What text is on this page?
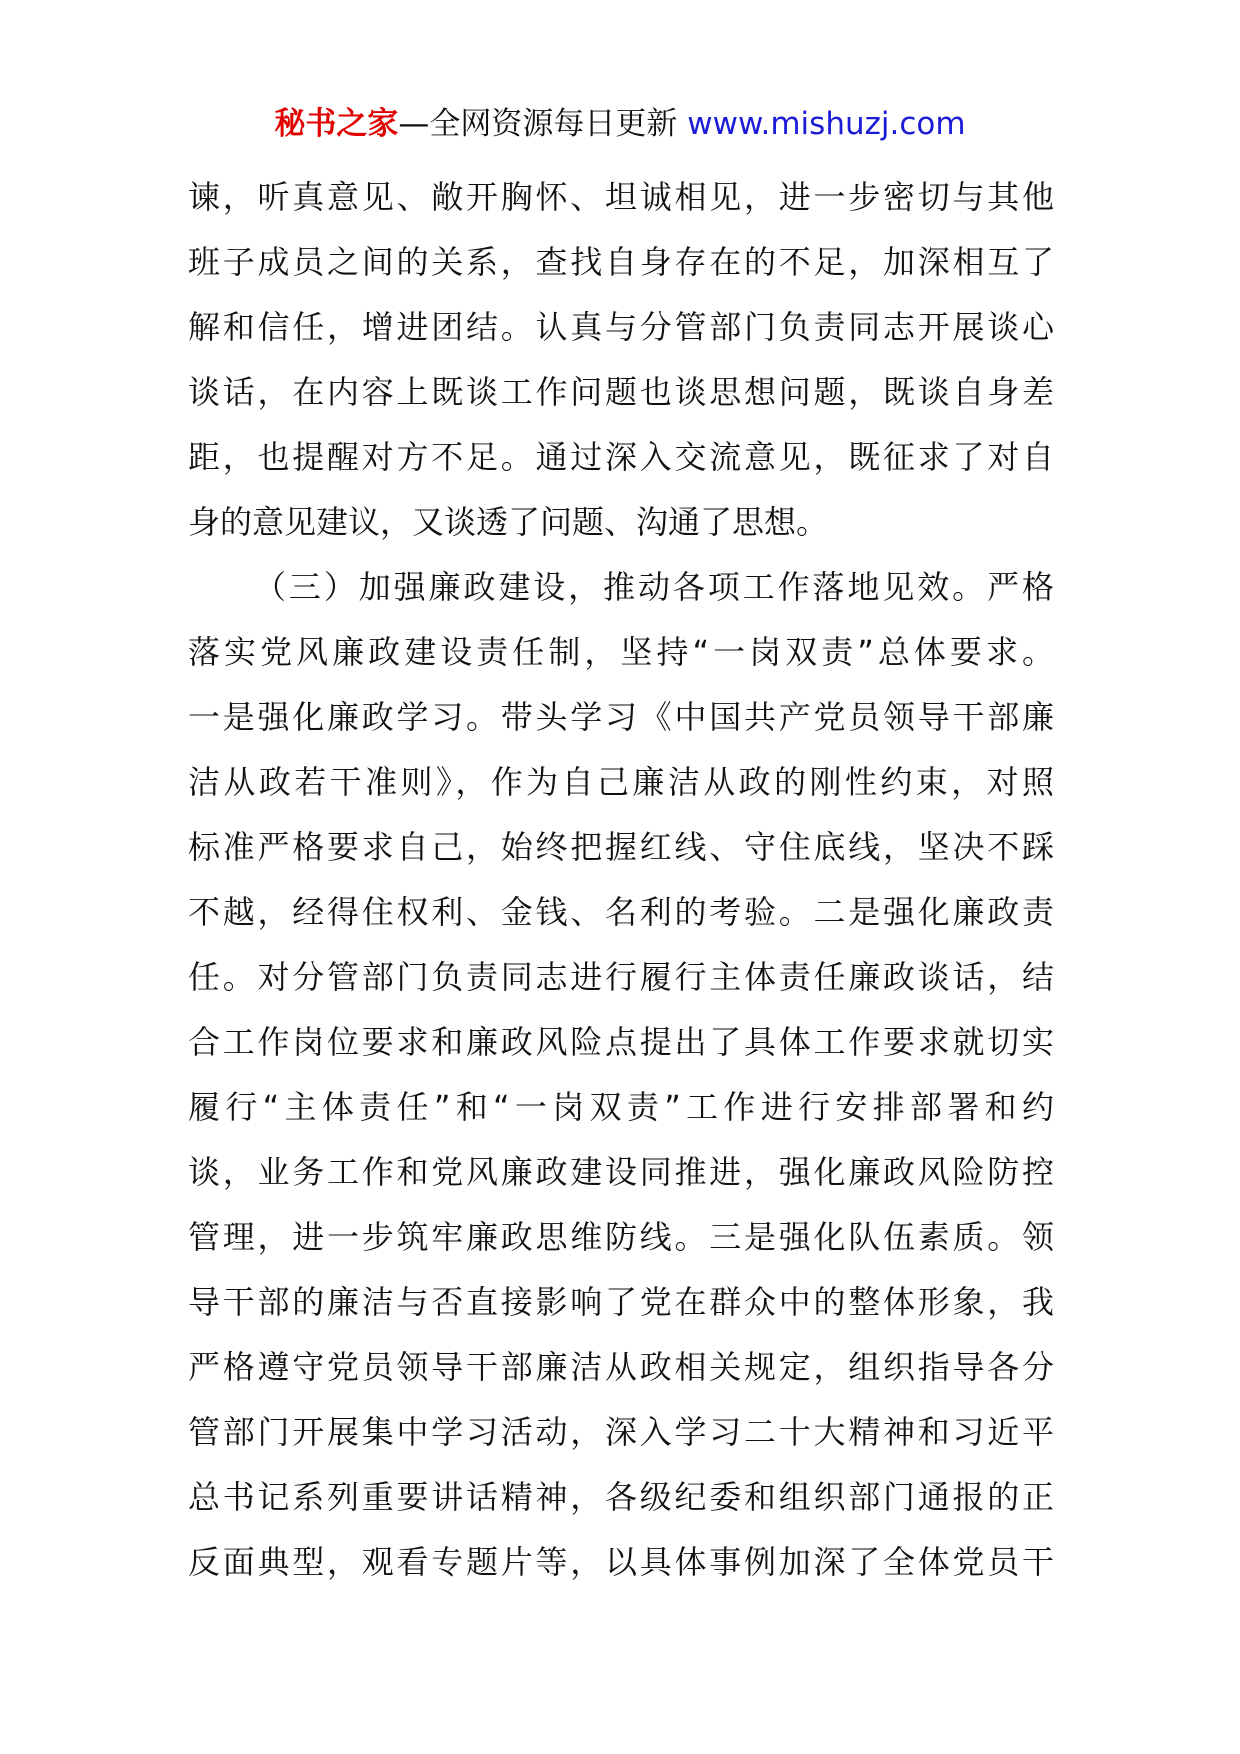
秘书之家—全网资源每日更新 www.mishuzj.com
谏，听真意见、敞开胸怀、坦诚相见，进一步密切与其他
班子成员之间的关系，查找自身存在的不足，加深相互了
解和信任，增进团结。认真与分管部门负责同志开展谈心
谈话，在内容上既谈工作问题也谈思想问题，既谈自身差
距，也提醒对方不足。通过深入交流意见，既征求了对自
身的意见建议，又谈透了问题、沟通了思想。
（三）加强廉政建设，推动各项工作落地见效。严格
落实党风廉政建设责任制，坚持“一岗双责”总体要求。
一是强化廉政学习。带头学习《中国共产党员领导干部廉
洁从政若干准则》，作为自己廉洁从政的刚性约束，对照
标准严格要求自己，始终把握红线、守住底线，坚决不踩
不越，经得住权利、金钱、名利的考验。二是强化廉政责
任。对分管部门负责同志进行履行主体责任廉政谈话，结
合工作岗位要求和廉政风险点提出了具体工作要求就切实
履行“主体责任”和“一岗双责”工作进行安排部署和约
谈，业务工作和党风廉政建设同推进，强化廉政风险防控
管理，进一步筑牢廉政思维防线。三是强化队伍素质。领
导干部的廉洁与否直接影响了党在群众中的整体形象，我
严格遵守党员领导干部廉洁从政相关规定，组织指导各分
管部门开展集中学习活动，深入学习二十大精神和习近平
总书记系列重要讲话精神，各级纪委和组织部门通报的正
反面典型，观看专题片等，以具体事例加深了全体党员干
